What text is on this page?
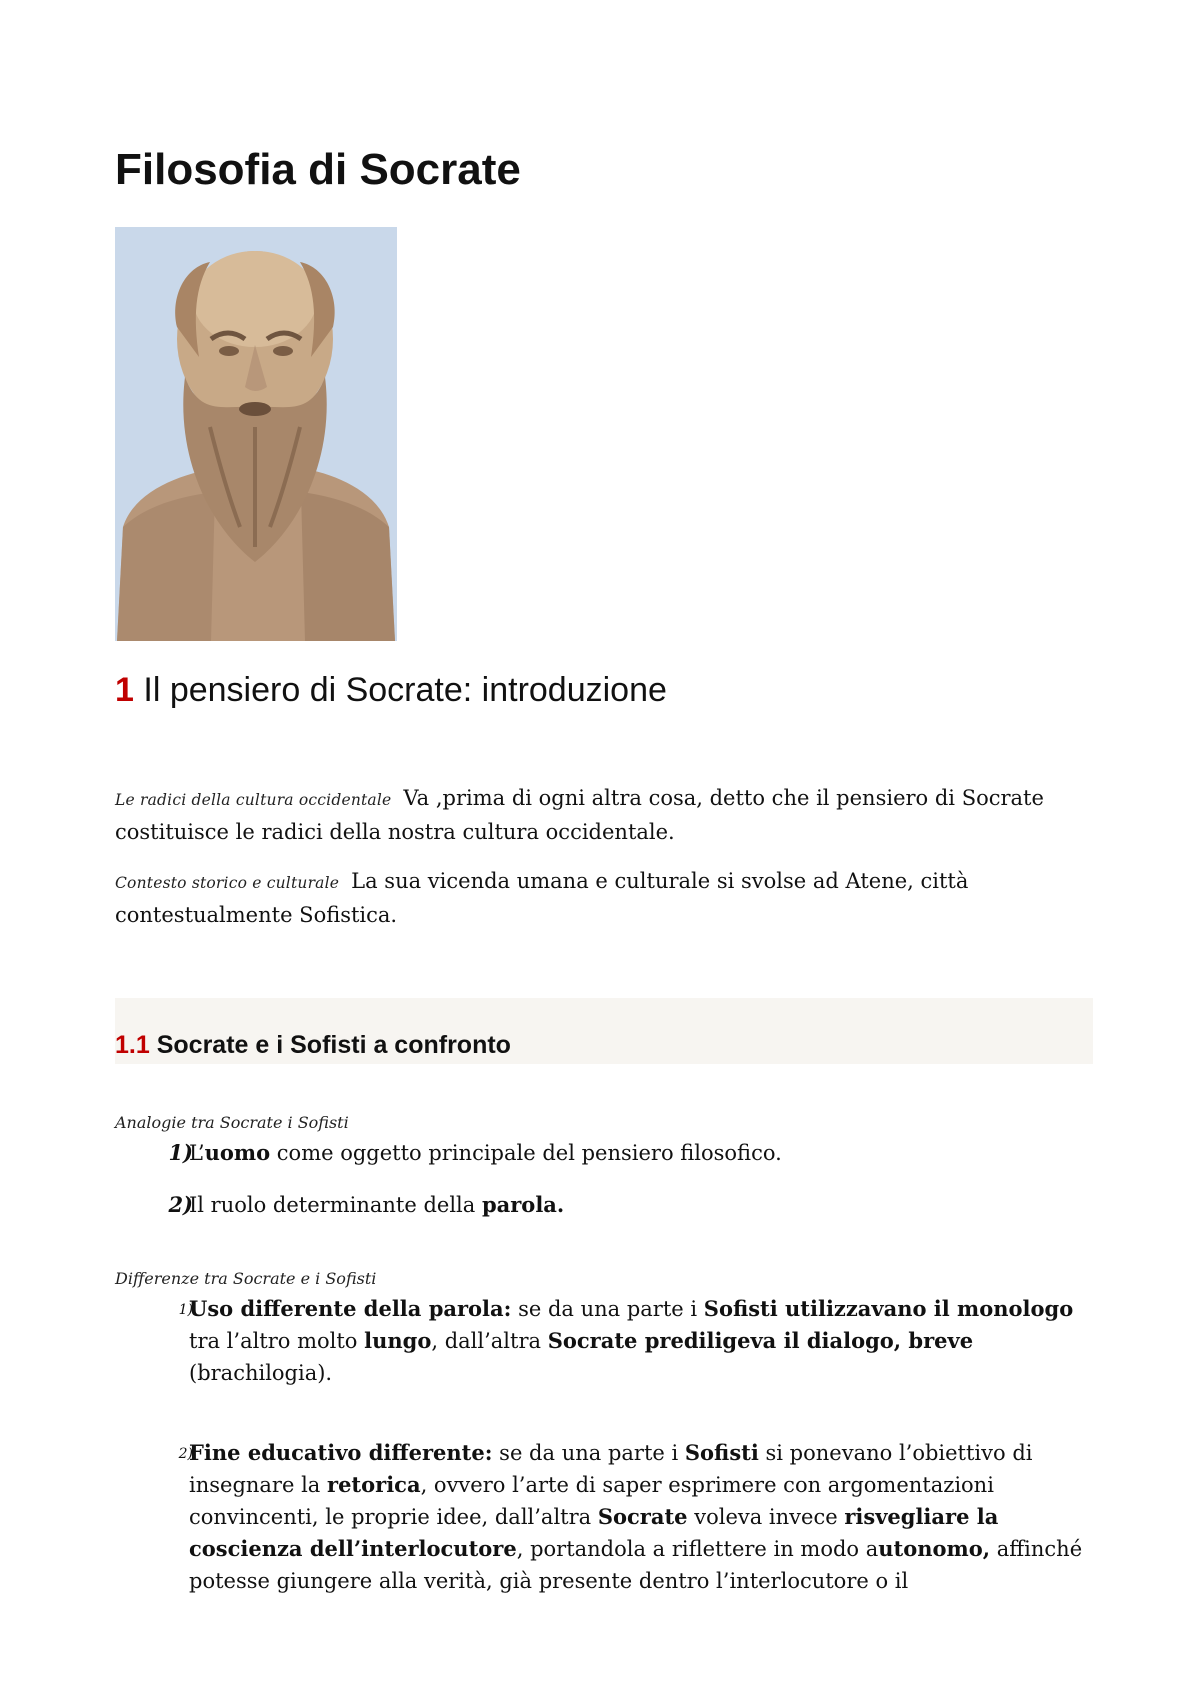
Filosofia di Socrate
1 Il pensiero di Socrate: introduzione

Le radici della cultura occidentale Va ,prima di ogni altra cosa, detto che il pensiero di Socrate costituisce le radici della nostra cultura occidentale.

Contesto storico e culturale La sua vicenda umana e culturale si svolse ad Atene, città contestualmente Sofistica.

1.1 Socrate e i Sofisti a confronto

Analogie tra Socrate i Sofisti

1)
L’uomo come oggetto principale del pensiero filosofico.
2)
Il ruolo determinante della parola.

Differenze tra Socrate e i Sofisti

1)
Uso differente della parola: se da una parte i Sofisti utilizzavano il monologo tra l’altro molto lungo, dall’altra Socrate prediligeva il dialogo, breve (brachilogia).
2)
Fine educativo differente: se da una parte i Sofisti si ponevano l’obiettivo di insegnare la retorica, ovvero l’arte di saper esprimere con argomentazioni convincenti, le proprie idee, dall’altra Socrate voleva invece risvegliare la coscienza dell’interlocutore, portandola a riflettere in modo autonomo, affinché potesse giungere alla verità, già presente dentro l’interlocutore o il
